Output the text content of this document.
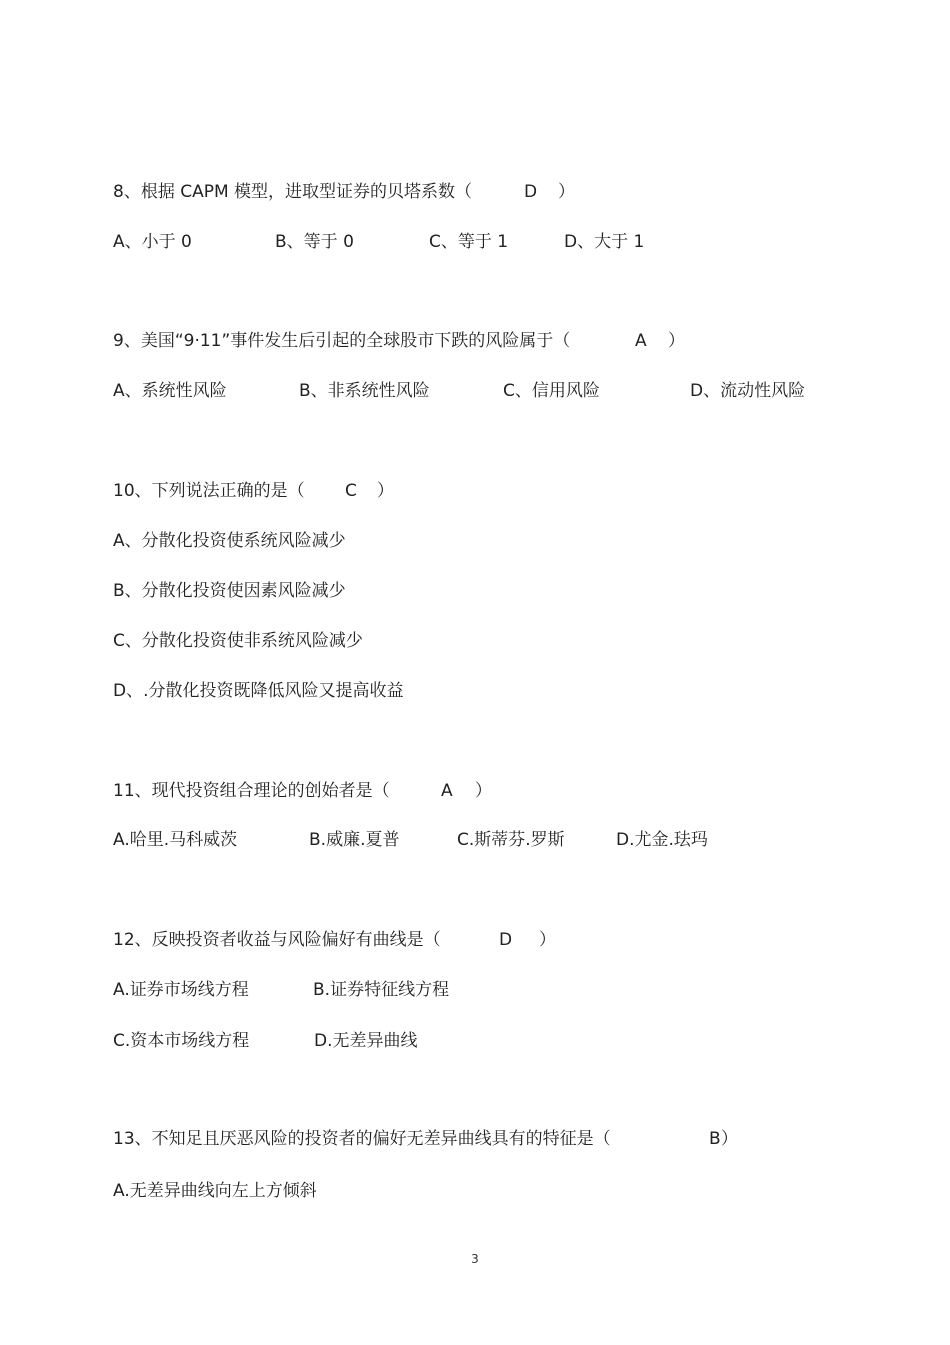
8、根据 CAPM 模型，进取型证券的贝塔系数（

	D

）

A、小于 0

	B、等于 0

	C、等于 1

	D、大于 1

9、美国“9·11”事件发生后引起的全球股市下跌的风险属于（

	A

）

A、系统性风险

	B、非系统性风险

	C、信用风险

	D、流动性风险

10、下列说法正确的是（

C

）

A、分散化投资使系统风险减少

B、分散化投资使因素风险减少

C、分散化投资使非系统风险减少

D、.分散化投资既降低风险又提高收益

11、现代投资组合理论的创始者是（

	A

）

A.哈里.马科威茨

	B.威廉.夏普

	C.斯蒂芬.罗斯

	D.尤金.珐玛

12、反映投资者收益与风险偏好有曲线是（

	D

）

A.证券市场线方程

	B.证券特征线方程

C.资本市场线方程

	D.无差异曲线

13、不知足且厌恶风险的投资者的偏好无差异曲线具有的特征是（

	B

）

A.无差异曲线向左上方倾斜

3
